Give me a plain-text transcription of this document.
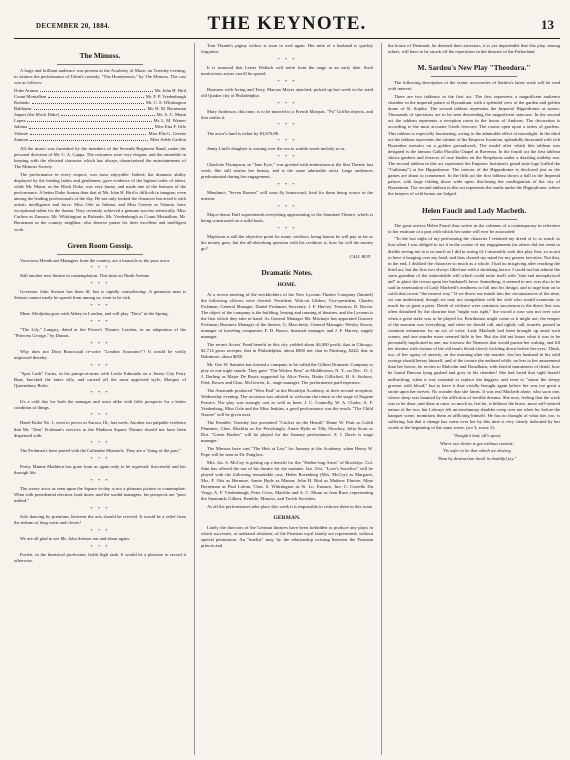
DECEMBER 20, 1884.	THE KEYNOTE.	13
The Mimoss.

A large and brilliant audience was present at the Academy of Music on Tuesday evening, to witness the performance of Tobin's comedy, "The Honeymoon," by The Mimoss. The cast was as follows:

Duke Aranza	Mr. John H. Bird
Count Montalban	Mr. F. P. Vredenburgh
Rolando	Mr. C. S. Whittington
Balthazar	Mr. H. M. Berneman
Jaques (the Mock Duke)	Mr. A. C. Munn
Lopez	Mr. L. M. Warner
Juliana	Miss Etta F. Orle
Volante	Miss Ella G. Greene
Zamora	Miss Adele Carlton

All the music was furnished by the members of the Seventh Regiment Band, under the personal direction of Mr. C. A. Cappa. The costumes were very elegant, and the ensemble in keeping with the elevated character which has always characterized the entertainments of The Mimoss Society.

The performance in every respect, was most enjoyable. Indeed, the dramatic ability displayed by the leading ladies and gentlemen, gave evidence of the highest order of talent, while Mr. Munn, as the Mock Duke, was very funny, and made one of the features of the performance. A better Duke Aranza than that of Mr. John H. Bird is difficult to imagine, even among the leading professionals of the day. He not only looked the character but acted it with artistic intelligence and force. Miss Orle as Juliana, and Miss Greene as Volante, have exceptional talent for the drama. They certainly achieved a genuine success artistically. Miss Carlton as Zamora, Mr. Whittington as Rolando, Mr. Vredenburgh as Count Montalban, Mr. Berneman as the country neighbor, also deserve praise for their excellent and intelligent work.

Green Room Gossip.

Voracious Mendicant Managers from the country, are a barnacle to the poor actor.

* * *

Still another new theatre in contemplation. This time on Ninth Avenue.

* * *

Governor John Stetson has been ill, but is rapidly convalescing. A generous man is Stetson cannot easily be spared from among us, even to be sick.

* * *

Mme. Modjeska goes with Abbey in London, and will play "Dora" in the Spring.

* * *

"The Lily," Langtry, dated at the Prince's Theatre, London, in an adaptation of the "Princess George," by Dumas.

* * *

Why does not Dion Boucicault re-write "London Assurance"? It would be vastly improved thereby.

* * *

"Spot Cash" Curtis, in his pumps-at-arms with Leslie Edmonds on a Jersey City Ferry Boat, knocked the latter silly, and carried off the most approved style, Marquis of Queensbury Rules.

* * *

It's a cold day for both the manager and actor alike with little prospects for a better condition of things.

* * *

Hazel Kirke No. 1, went to pieces at Aurora, Ill., last week. Another too palpable evidence that Mr. "Dan" Frohman's services to the Madison Square Theatre should not have been dispensed with.

* * *

The Frohman's have parted with the Callendar Minstrels. They are a "thing of the past."

* * *

Pretty Minnie Maddern has gone from us again only to be regretted. Successful and her through life.

* * *

The weary actor as seen upon the Square to-day is not a pleasant picture to contemplate. What with presidential election, hard times, and the sordid managers, his prospects are "poor indeed."

* * *

Solo dancing by premium, between the acts should be revived. It would be a relief from the tedium of long waits and cloves!

* * *

We are all glad to see Mr. John Stetson out and about again.

* * *

Forfeit, in the theatrical profession, holds high rank. It would be a pleasure to record it otherwise.

Tom Thumb's pigmy widow is soon to wed again. Her mite of a husband is quickly forgotten.

* * *

It is rumored that Lester Wallack will retire from the stage at an early date. Such meritorious actors can ill be spared.

* * *

Business with Irving and Terry, Marcus Meyer attached, picked up last week in the staid old Quaker city of Philadelphia.

* * *

Mary Anderson, this time, is to be married to a French Marquis. "Pa" Griffin objects, and that settles it.

* * *

The actor's fund is richer by $3,676.88.

* * *

Jenny Lind's daughter is coming over the sea to warble sweet melody to us.

* * *

Charlotte Thompson, in "Jane Eyre," was greeted with enthusiasm at the Star Theatre last week. She still retains her beauty, and is the same admirable artist. Large audiences predominated during her engagement.

* * *

Mendum's "Seven Ravens" will soon fly homeward, food for them being scarce in the interior.

* * *

Major-domo Duff superintends everything appertaining to the Standard Theatre, which is being constructed on a solid basis.

* * *

Mapleson is still the objective point for many creditors, being honest he will pay as far as his money goes, but the all-absorbing question with his creditors is, how far will the money go?

CALL BOY.
Dramatic Notes.
HOME.

At a recent meeting of the stockholders of the New Lyceum Theatre Company (limited) the following officers were elected: President, Wolcott Gibbes; Vice-president, Charles Frohman; General Manager, Daniel Frohman; Secretary, J. F. Harvey; Treasurer, D. Decon. The object of the company is the building, leasing and running of theatres, and the Lyceum is the first which they take in hand. As General Manager Mr. Mackaye has appointed Gustave Frohman; Business Manager of the theatre; G. Macchesly, General Manager; Wesley Sisson, manager of traveling companies; F. D. Bonce, financial manager, and J. F. Harvey, supply manager.

The recent Actors' Fund benefit in this city yielded about $4,000 profit; that in Chicago, $2,714 gross receipts; that in Philadelphia, about $800 net; that in Pittsburg, $242; that in Baltimore, about $650.

Mr. Geo W. Sammis has formed a company to be called the Gilbert Dramatic Company to play in one night stands. They gave "The Widow Bess" at Middletown, N. Y., on Dec. 15. J. J. Darling as Major De Boots supported by Alice Ferris, Hattie Gillisfied, H. S. Stoboss, Fred. Bowes and Chas. McGowen, Jr., stage manager. The performance paid expenses.

The Amaranth produced "West End" at the Brooklyn Academy, at their second reception, Wednesday evening. The occasion was utilized to welcome the return to the stage of Eugene Powers. The play was strongly cast as well as been. J. C. Connolly, W. A. Clarke, A. F. Vredenburg, Miss Gale and the Miss Jenkins, a good performance was the result; "The Child Nursee" will be given next.

The Kemble, Tuesday last presented "Cricket on the Hearth" Dame W. Pratt as Caleb Plummer, Chas. Macklin as Joe Perrybingle, Annie Hyde as Tilly Slowboy, Julia Stout as Dot. "Green Bushes" will be played for the January performance. S. I. Davis is stage manager.

The Mimoss have cast "The Heir at Law" for January at the Academy, when Henry W. Pope will be seen as Dr. Pangloss.

Mrs. Jas. S. McCoy is getting up a benefit for the "Shelter'ring Arms" of Brooklyn. Col. Sinn has offered the use of his theatre for the matinee, Jan. 21st. "Love's Sacrifice" will be played with the following remarkable cast: Helen Rosenberg (Mrs. McCoy) as Margaret, Mrs. F. Otis as Hermine, Annie Hyde as Manon, John H. Bird as Mathew Elmore, Mme Berneman as Paul Lafont, Chas. S. Whittington as St. Lo. Eustace, Jno. C. Costello Du Vergy, A. F. Vredenburgh; Peter Cross, Macklin and A. C. Munn as Jean Ruse, representing the Amaranth, Gilbert, Kemble, Mimoss, and Yorick Societies.

As all the performances take place this week it is impossible to criticize them in this issue.

GERMAN.

Lately the directors of the German theatres have been forbidden to produce any plays in which successes, or unbiased relations, of the Prussian royal family are represented, without special permission. An "intelist" may, by the relationship existing between the Prussian princes and

the house of Denmark, be deemed their ancestors, it is yet improbable that this play, among others, will have to be struck off the repertoires in the theatres of the Fatherland.

M. Sardou's New Play "Theodora."

The following description of the scenic accessories of Sardou's latest work will be read with interest:

There are two tableaux in the first act. The first represents a magnificent audience chamber in the imperial palace at Byzantium, with a splendid view of the garden and golden dome of St. Sophia. The second tableau represents the Imperial Hippodrome at sunset. Thousands of spectators are to be seen descending the magnificent staircase. In the second act the tableau represents a reception room in the house of Andreas. The decoration is according to the most accurate Greek frescoes. The rooms open upon a series of gardens. This tableau is especially fascinating, owing to the admirable effect of moonlight. In the third act the tableau represents the cabinet of the Emperor Justinian, splendidly decorated with rich Byzantine mosaics on a golden groundwork. The model after which this tableau was designed is the famous Galla Placidia Chapel at Ravenna. In the fourth act the first tableau shows gardens and terraces of rose bushes on the Bosphorus under a dazzling midday sun. The second tableau in this act represents the Emperor Justinian's grand state loge (called the "Cathisma") at the Hippodrome. The interior of the Hippodrome is disclosed just as the games are about to commence. In the fifth act the first tableau shows a hall in the Imperial palace, with large folding doors wide open, disclosing the conflagration of the city of Byzantium. The second tableau in this act represents the vaults under the Hippodrome, where the keepers of wild beasts are lodged.

Helen Faucit and Lady Macbeth.

The great actress Helen Faucit thus writes in the columns of a contemporary in reference to her estimate of a part with which her name will ever be associated:

"To the last night of my performing the character I retained my dread of it; so much so that when I was obliged to act it in the course of my engagements (as others did not seem to dislike seeing me in it so much as I did in acting it) I invariably took this play first, so as not to have it hanging over my head, and thus cleared my mind for my greater favorites. Not that, in the end, I disliked the character so much as a whole. I had no misgiving after reaching the third act, but the first two always filled me with a shrinking horror. I could not but admire the stern grandeur of the indomitable will which could unite itself with "fate and metaphysical aid" to place the crown upon her husband's brow. Something, it seemed to me, was also to be said in extenuation of Lady Macbeth's readiness to fall into his design, and to urge him on to catch that crown "the nearest way." If we throw our minds into the circumstances of the time, we can understand, though we may not sympathize with the wife who would exonerate so much for so great a prize. Deeds of violence were common; succession to the direct line was often disturbed by the doctrine that "might was right," the sword a ruse was not over nice when a great stake was to be played for. Retribution might come or it might not; the temper of the moment was everything, and what we should call, and rightly call, murder, passed in common estimation for an act of valor. Lady Macbeth had been brought up amid such scenes, and one murder more seemed little to her. But she did not know what it was to be personally implicated in one, nor foresaw the Nemesis that would pursue her waking, and fill her dreams with visions of the old man's blood slowly trickling down before her eyes. Think, too, of her agony of anxiety, on the morning after the murder, lest her husband in his wild ravings should betray himself, and of the torture she endured while, no less to her amazement than her horror, he recites to Malcolm and Donalbain, with fearful minuteness of detail, how he found Duncan lying gashed and gory in his chamber! She had faced that sight herself unflinching, when it was essential to replace the daggers, and even to "smear the sleepy grooms with blood;" but to have it thus vividly brought again before her was too great a strain upon her nerves. No wonder that she faints. It was real Macbeth alone, who soon one, whose sleep was haunted by the affliction of terrible dreams. She now, feeling that the work was to be done, and done at once, so much as, lest he, is hitherto the brave, more self-centred nature of the two, but I always felt an involuntary shudder creep over me when he, before the banquet scene, monitions them as afflicting himself. He has no thought of what she, too, is suffering, but that a change has come over her by this time is very clearly indicated by her words at the beginning of the same scene, (act 3, scene 2):

"Nought's had, all's spent,

Where our desire is got without content;

'Tis safer to be that which we destroy,

Than by destruction dwell in doubtful joy."
